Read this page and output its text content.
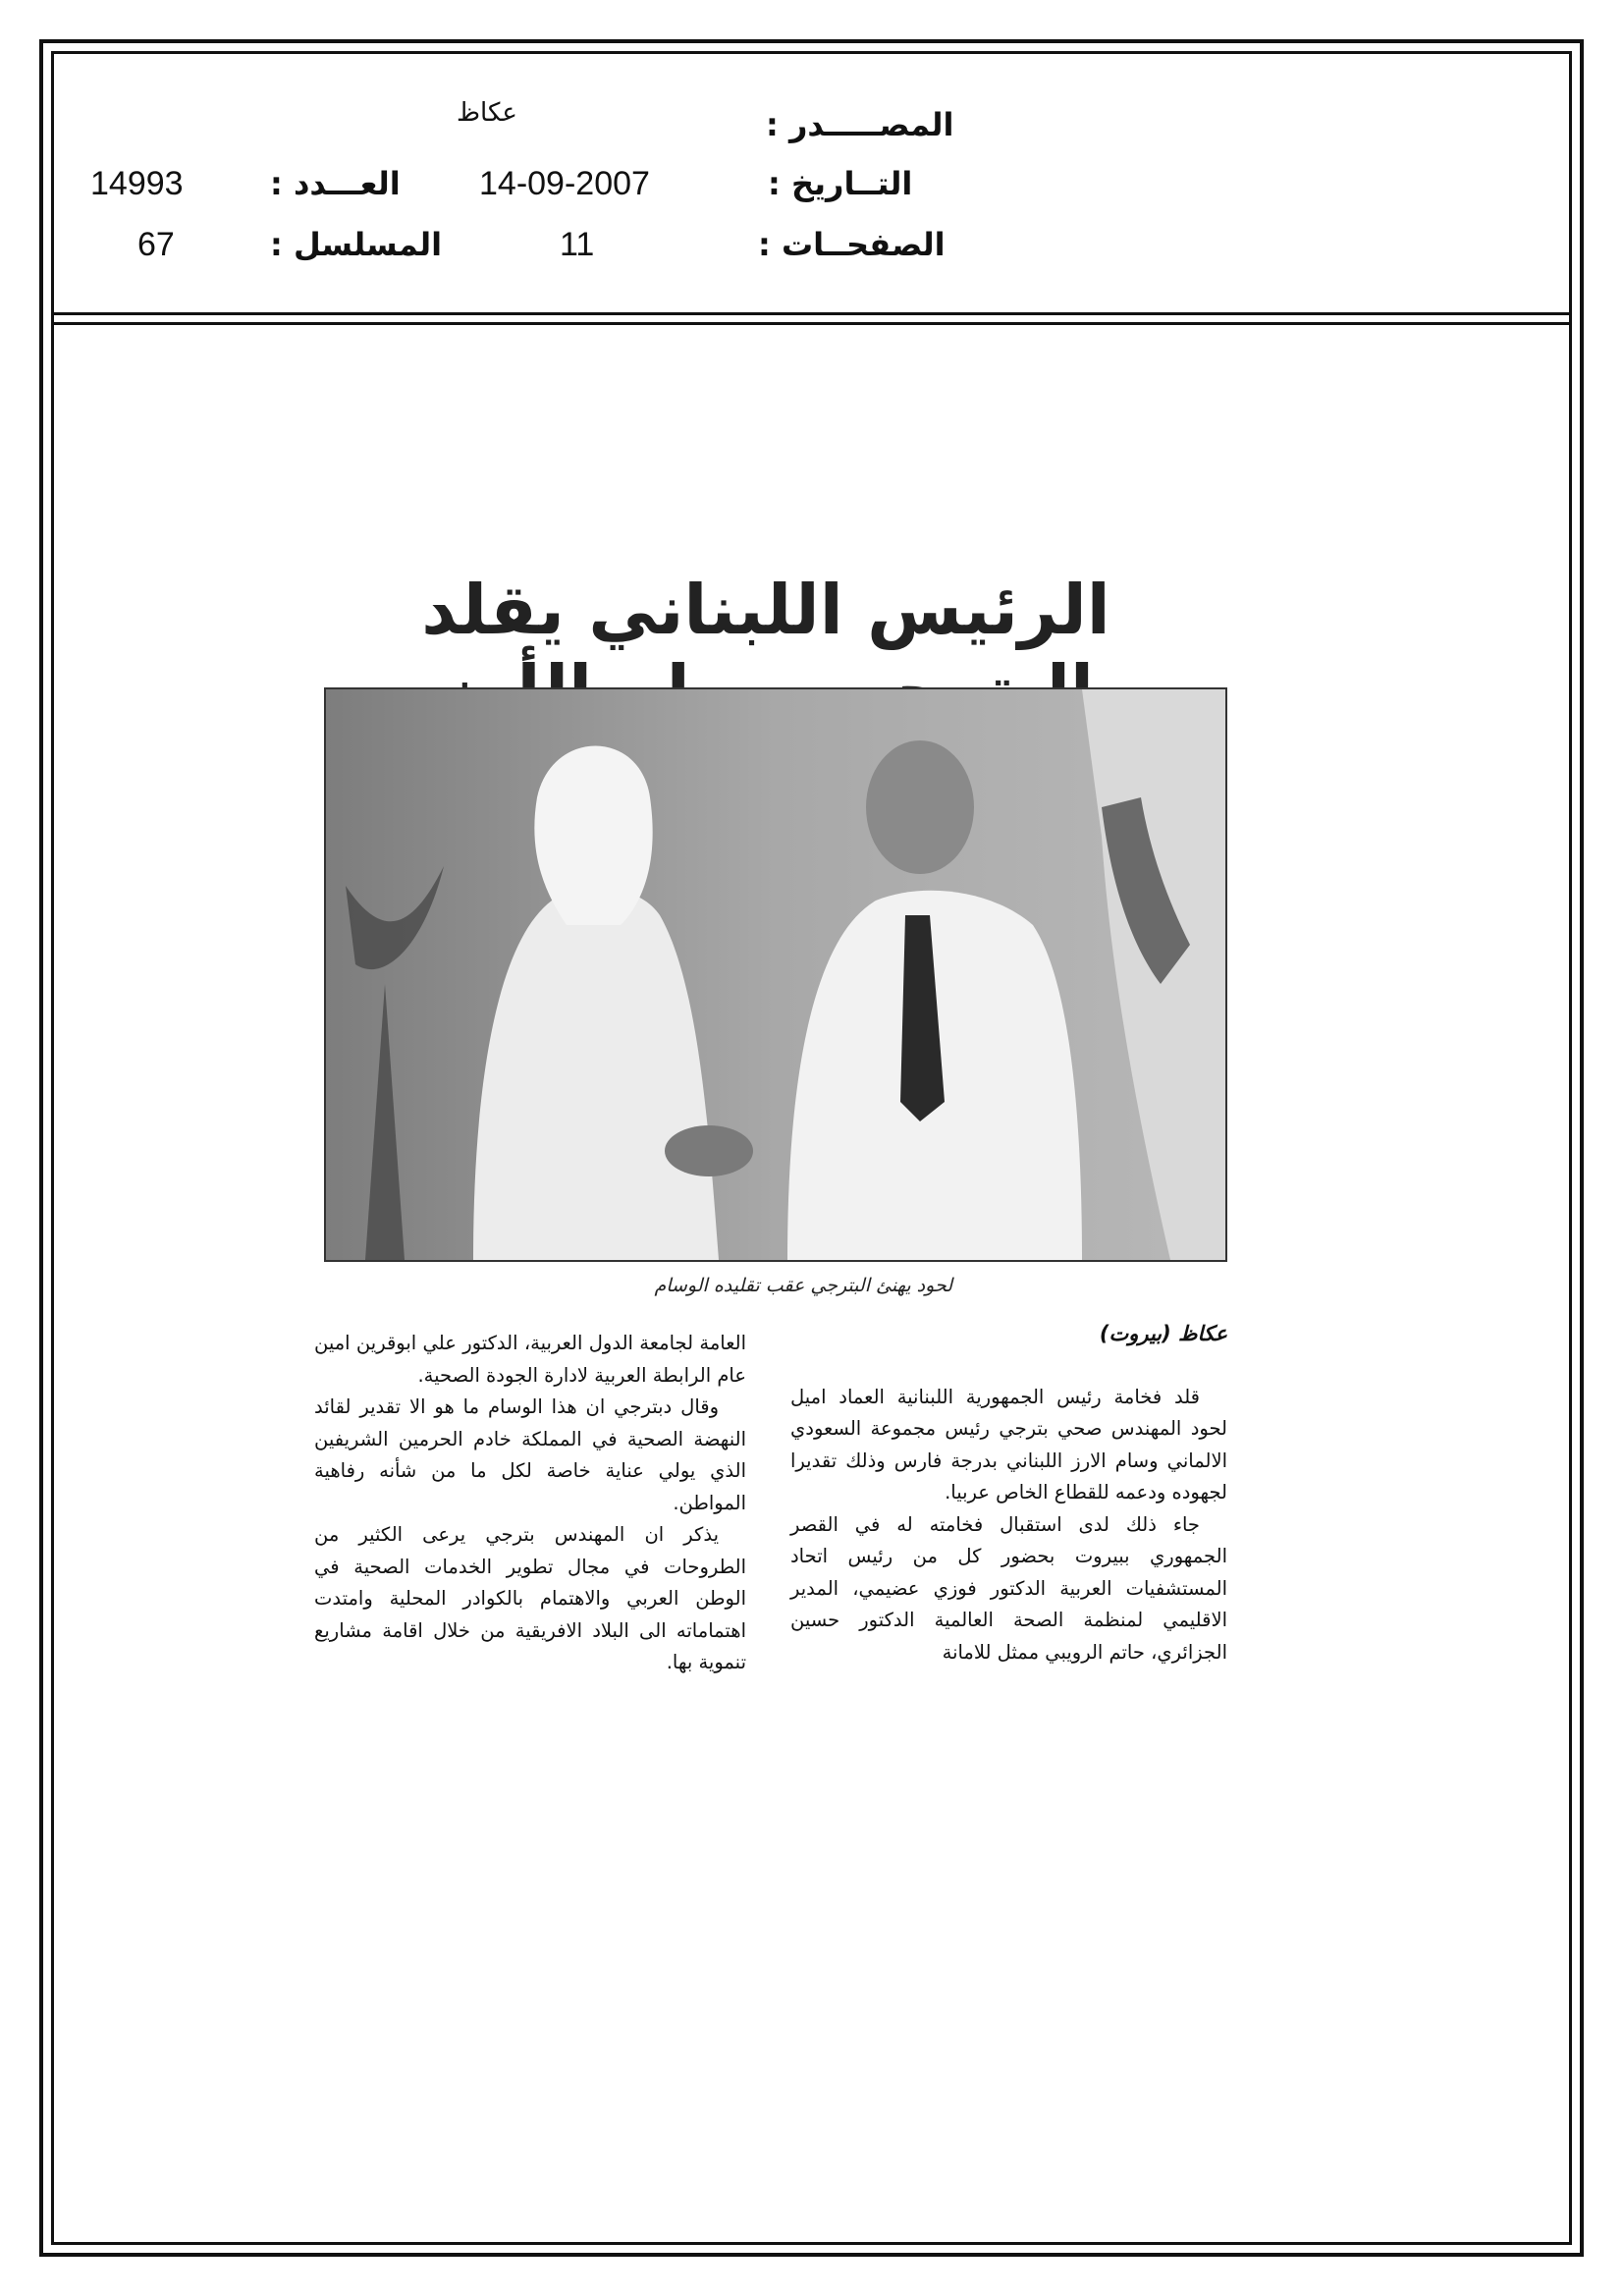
المصـــــدر :
عكاظ
التــاريخ :
14-09-2007
العـــدد :
14993
الصفحــات :
11
المسلسل :
67
الرئيس اللبناني يقلد
لحود يهنئ البترجي عقب تقليده الوسام
عكاظ (بيروت)

قلد فخامة رئيس الجمهورية اللبنانية العماد اميل لحود المهندس صحي بترجي رئيس مجموعة السعودي الالماني وسام الارز اللبناني بدرجة فارس وذلك تقديرا لجهوده ودعمه للقطاع الخاص عربيا.

جاء ذلك لدى استقبال فخامته له في القصر الجمهوري ببيروت بحضور كل من رئيس اتحاد المستشفيات العربية الدكتور فوزي عضيمي، المدير الاقليمي لمنظمة الصحة العالمية الدكتور حسين الجزائري، حاتم الرويبي ممثل للامانة

العامة لجامعة الدول العربية، الدكتور علي ابوقرين امين عام الرابطة العربية لادارة الجودة الصحية.

وقال دبترجي ان هذا الوسام ما هو الا تقدير لقائد النهضة الصحية في المملكة خادم الحرمين الشريفين الذي يولي عناية خاصة لكل ما من شأنه رفاهية المواطن.

يذكر ان المهندس بترجي يرعى الكثير من الطروحات في مجال تطوير الخدمات الصحية في الوطن العربي والاهتمام بالكوادر المحلية وامتدت اهتماماته الى البلاد الافريقية من خلال اقامة مشاريع تنموية بها.
